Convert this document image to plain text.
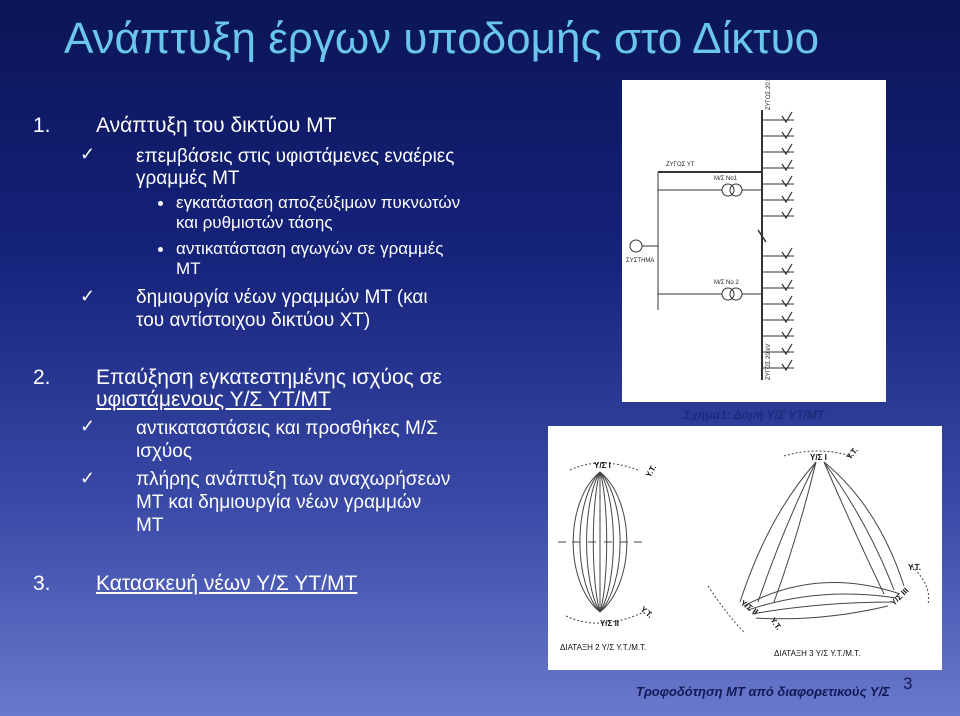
Ανάπτυξη έργων υποδομής στο Δίκτυο
1. Ανάπτυξη του δικτύου ΜΤ
✓ επεμβάσεις στις υφιστάμενες εναέριες
γραμμές ΜΤ
εγκατάσταση αποζεύξιμων πυκνωτών
και ρυθμιστών τάσης
αντικατάσταση αγωγών σε γραμμές
ΜΤ
✓ δημιουργία νέων γραμμών ΜΤ (και
του αντίστοιχου δικτύου ΧΤ)
2. Επαύξηση εγκατεστημένης ισχύος σε
υφιστάμενους Υ/Σ ΥΤ/ΜΤ
✓ αντικαταστάσεις και προσθήκες Μ/Σ
ισχύος
✓ πλήρης ανάπτυξη των αναχωρήσεων
ΜΤ και δημιουργία νέων γραμμών
ΜΤ
3. Κατασκευή νέων Υ/Σ ΥΤ/ΜΤ
ΖΥΓΟΣ ΥΤ
ΣΥΣΤΗΜΑ
Μ/Σ Νο1
Μ/Σ Νο 2
ΖΥΓΟΣ 20 kV
ΖΥΓΟΣ 20 kV
Σχήμα1: Δομή Υ/Σ ΥΤ/ΜΤ
Υ/Σ Ι
Υ/Σ ΙΙ
Υ.Τ.
Υ.Τ.
Υ/Σ Ι
Υ/Σ ΙΙ	Υ/Σ ΙΙΙ
Υ.Τ.
Υ.Τ.
Υ.Τ.
ΔΙΑΤΑΞΗ 2 Υ/Σ Υ.Τ./Μ.Τ.
ΔΙΑΤΑΞΗ 3 Υ/Σ Υ.Τ./Μ.Τ.
Τροφοδότηση ΜΤ από διαφορετικούς Υ/Σ 3
